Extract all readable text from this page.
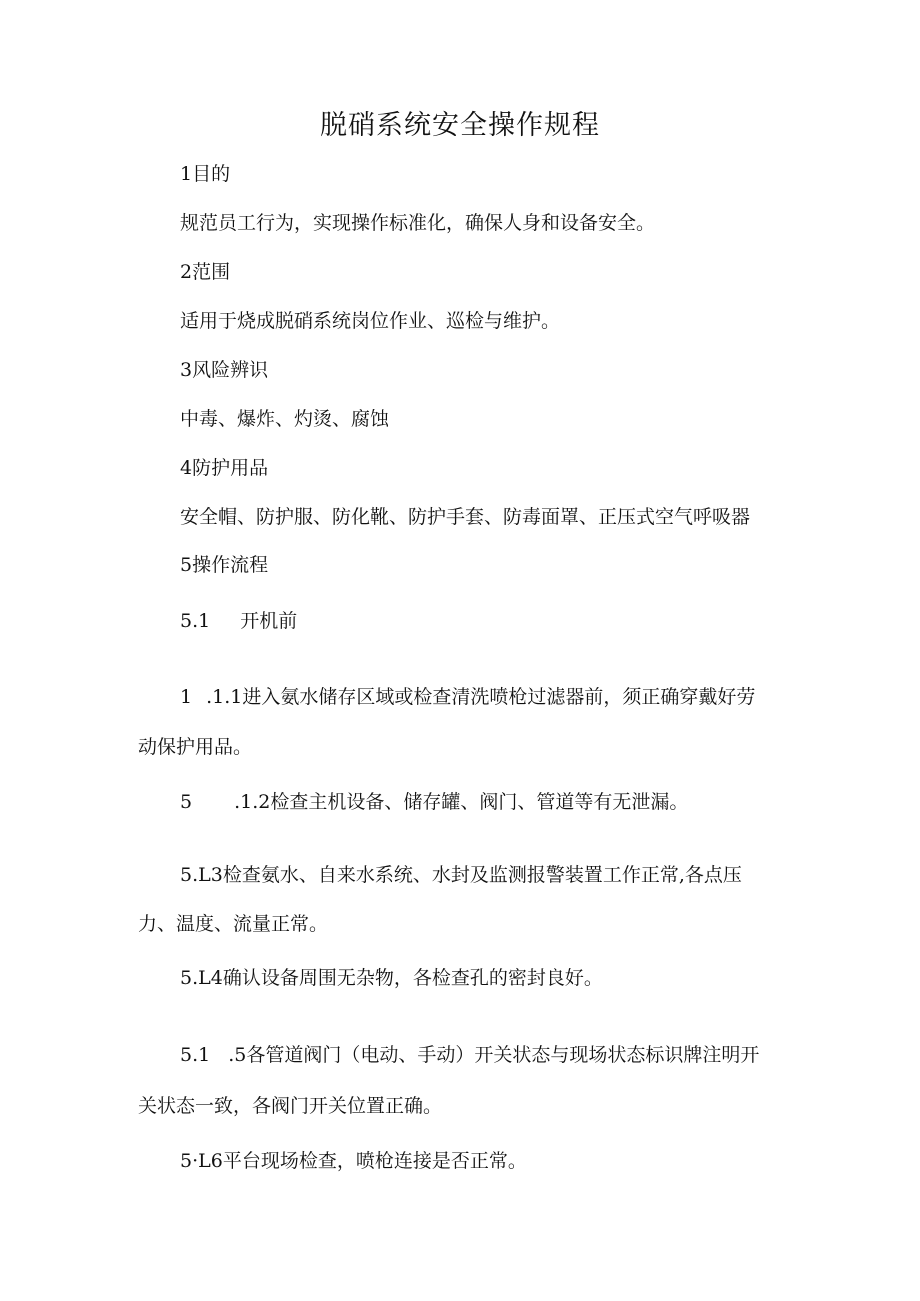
脱硝系统安全操作规程
1目的
规范员工行为，实现操作标准化，确保人身和设备安全。
2范围
适用于烧成脱硝系统岗位作业、巡检与维护。
3风险辨识
中毒、爆炸、灼烫、腐蚀
4防护用品
安全帽、防护服、防化靴、防护手套、防毒面罩、正压式空气呼吸器
5操作流程
5.1 开机前
1 .1.1进入氨水储存区域或检查清洗喷枪过滤器前，须正确穿戴好劳
动保护用品。
5 .1.2检查主机设备、储存罐、阀门、管道等有无泄漏。
5.L3检查氨水、自来水系统、水封及监测报警装置工作正常,各点压
力、温度、流量正常。
5.L4确认设备周围无杂物，各检查孔的密封良好。
5.1 .5各管道阀门（电动、手动）开关状态与现场状态标识牌注明开
关状态一致，各阀门开关位置正确。
5·L6平台现场检查，喷枪连接是否正常。
